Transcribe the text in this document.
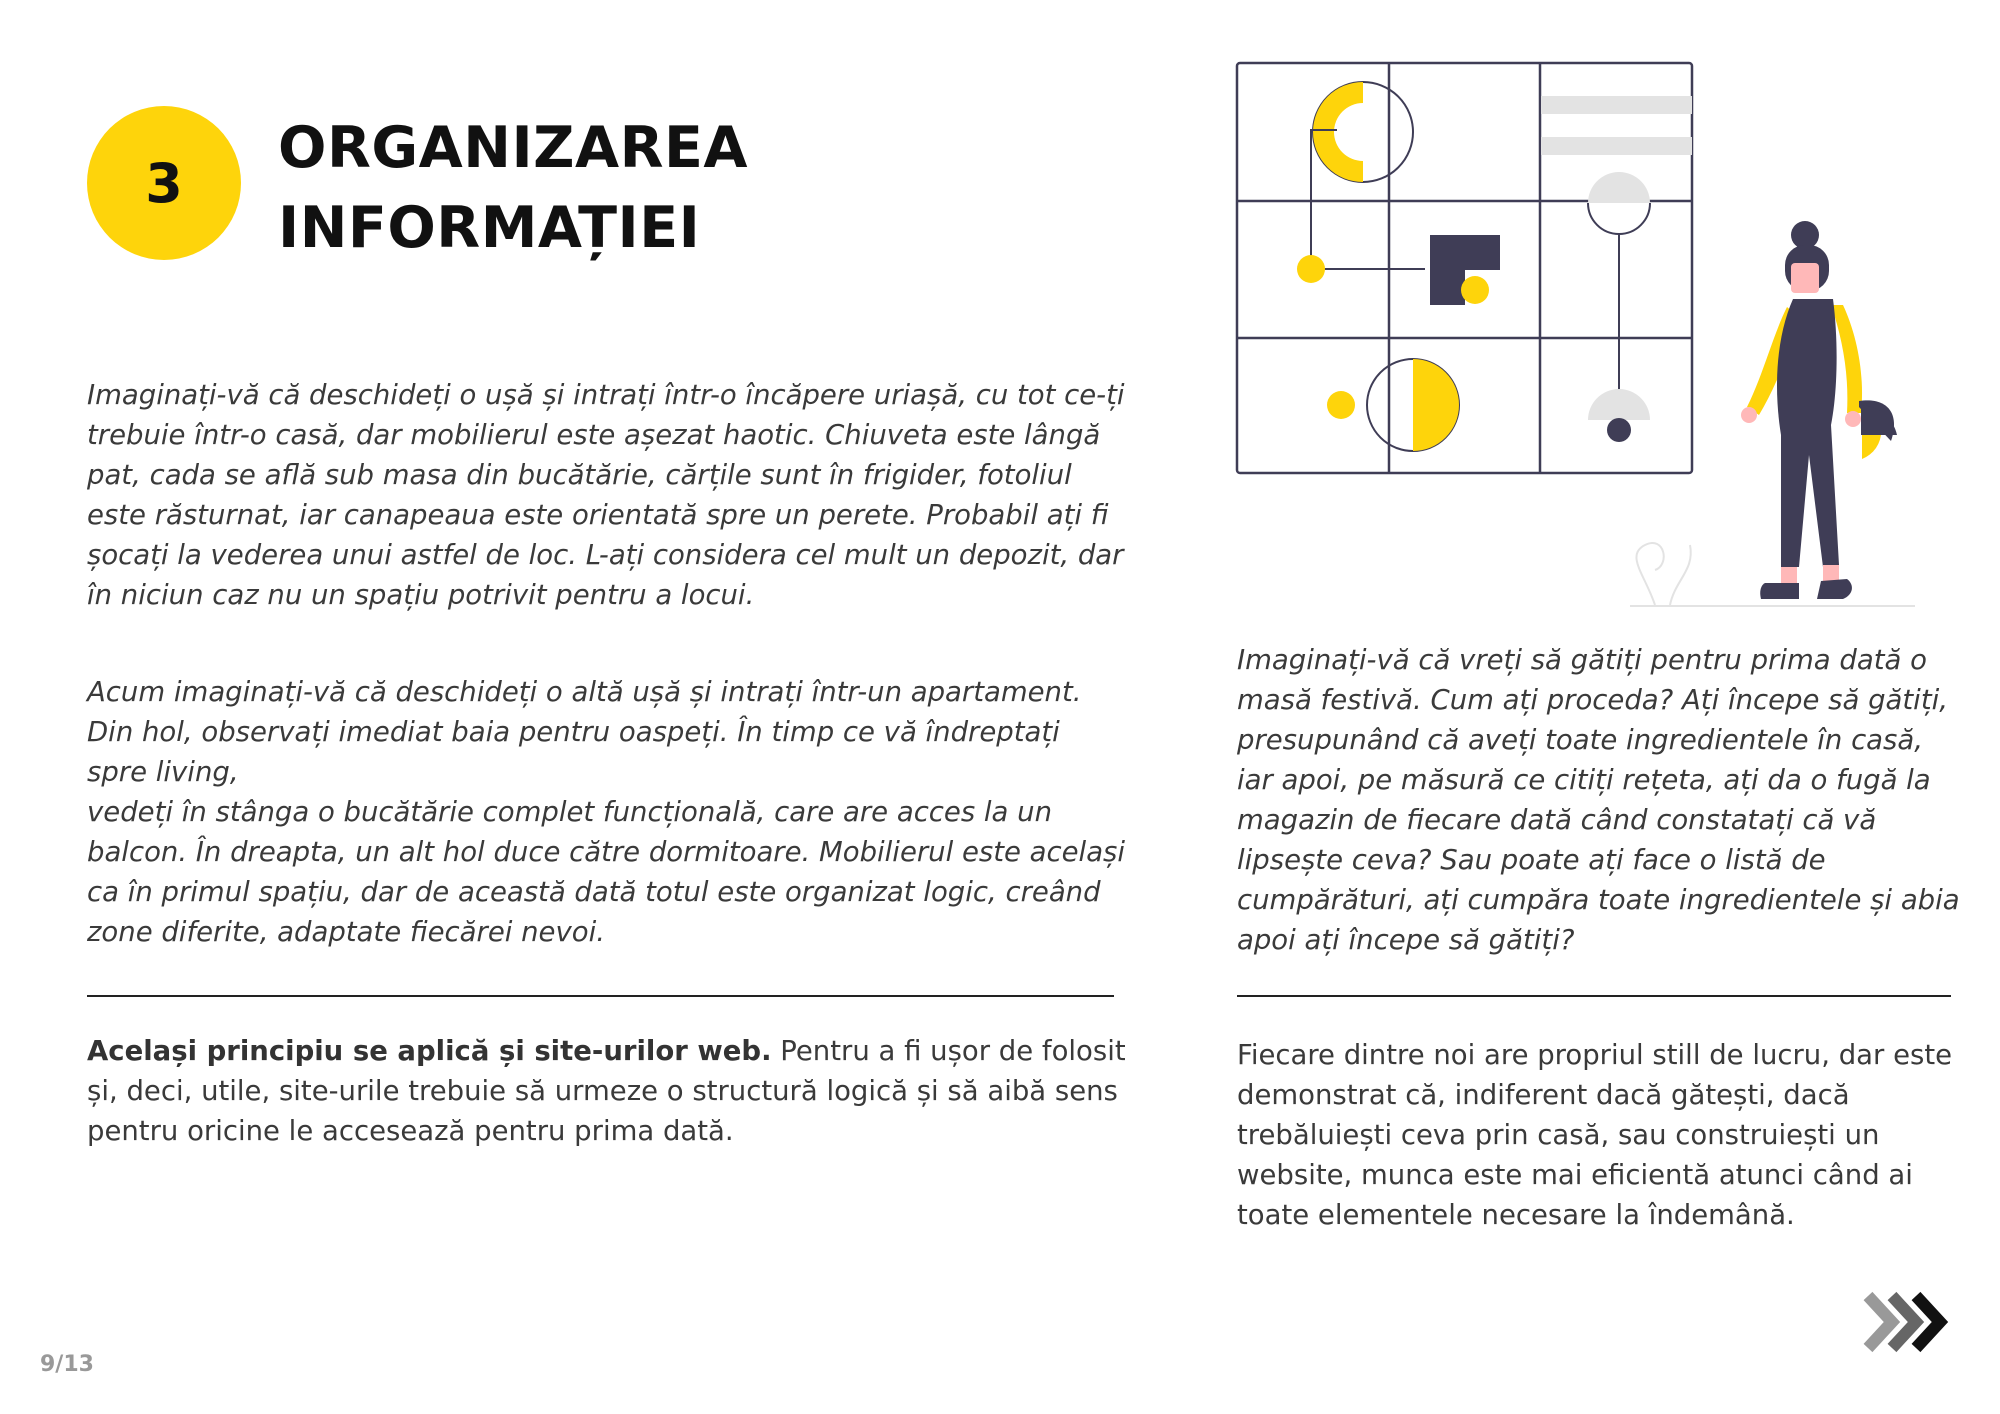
3
ORGANIZAREA
INFORMAȚIEI

Imaginați-vă că deschideți o ușă și intrați într-o încăpere uriașă, cu tot ce-ți trebuie într-o casă, dar mobilierul este așezat haotic. Chiuveta este lângă pat, cada se află sub masa din bucătărie, cărțile sunt în frigider, fotoliul este răsturnat, iar canapeaua este orientată spre un perete. Probabil ați fi șocați la vederea unui astfel de loc. L-ați considera cel mult un depozit, dar în niciun caz nu un spațiu potrivit pentru a locui.

Acum imaginați-vă că deschideți o altă ușă și intrați într-un apartament. Din hol, observați imediat baia pentru oaspeți. În timp ce vă îndreptați spre living,
vedeți în stânga o bucătărie complet funcțională, care are acces la un balcon. În dreapta, un alt hol duce către dormitoare. Mobilierul este același ca în primul spațiu, dar de această dată totul este organizat logic, creând zone diferite, adaptate fiecărei nevoi.

Același principiu se aplică și site-urilor web. Pentru a fi ușor de folosit și, deci, utile, site-urile trebuie să urmeze o structură logică și să aibă sens pentru oricine le accesează pentru prima dată.

Imaginați-vă că vreți să gătiți pentru prima dată o masă festivă. Cum ați proceda? Ați începe să gătiți, presupunând că aveți toate ingredientele în casă, iar apoi, pe măsură ce citiți rețeta, ați da o fugă la magazin de fiecare dată când constatați că vă lipsește ceva? Sau poate ați face o listă de cumpărături, ați cumpăra toate ingredientele și abia apoi ați începe să gătiți?

Fiecare dintre noi are propriul still de lucru, dar este demonstrat că, indiferent dacă gătești, dacă trebăluiești ceva prin casă, sau construiești un website, munca este mai eficientă atunci când ai toate elementele necesare la îndemână.

9/13
